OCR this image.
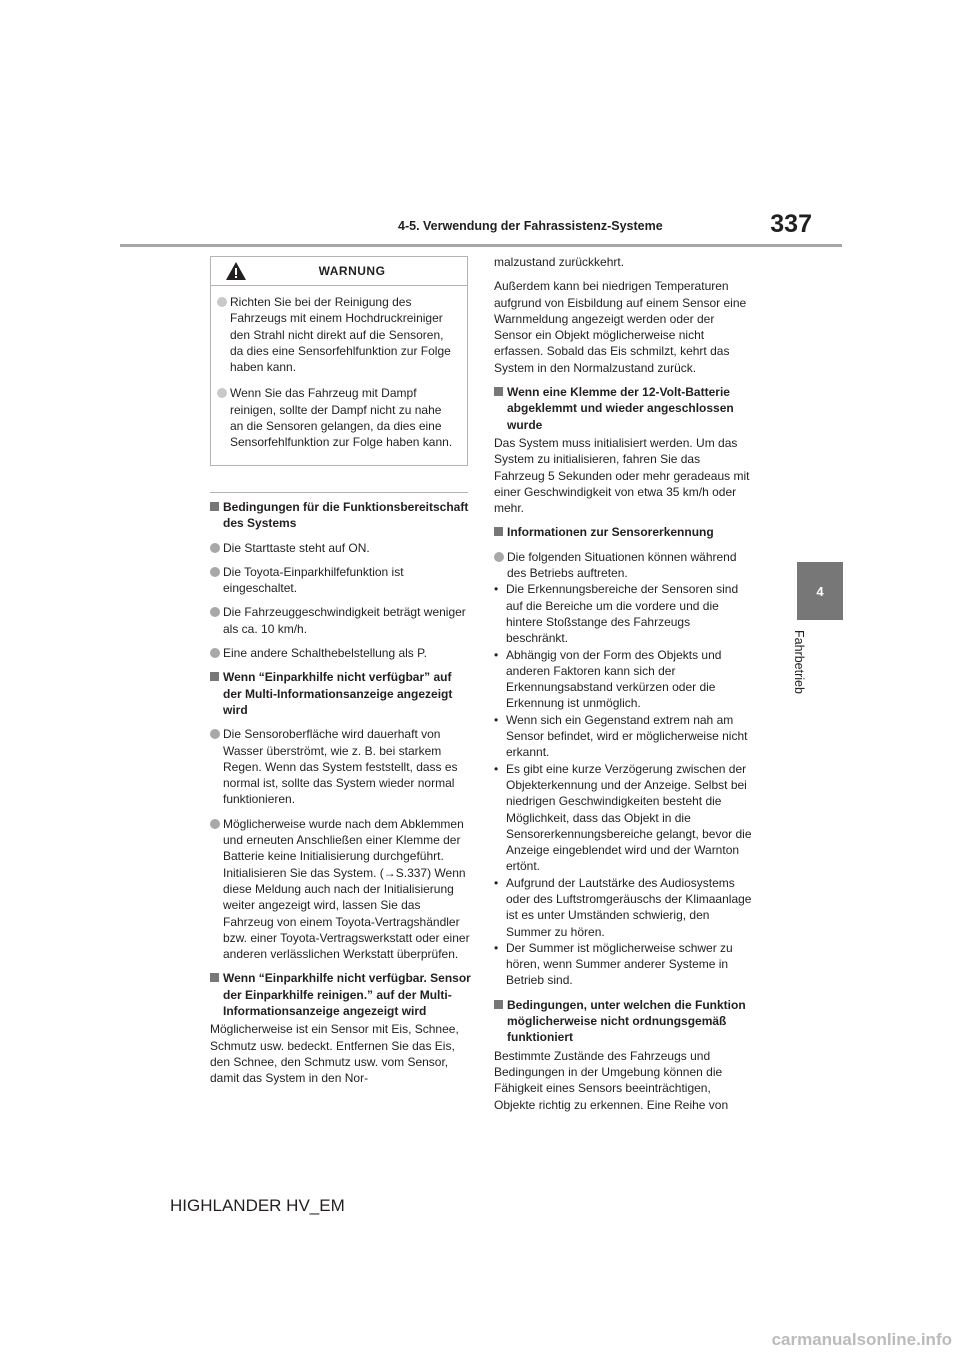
4-5. Verwendung der Fahrassistenz-Systeme	337
4
Fahrbetrieb
WARNUNG
Richten Sie bei der Reinigung des Fahrzeugs mit einem Hochdruckreiniger den Strahl nicht direkt auf die Sensoren, da dies eine Sensorfehlfunktion zur Folge haben kann.
Wenn Sie das Fahrzeug mit Dampf reinigen, sollte der Dampf nicht zu nahe an die Sensoren gelangen, da dies eine Sensorfehlfunktion zur Folge haben kann.
Bedingungen für die Funktionsbereitschaft des Systems
Die Starttaste steht auf ON.
Die Toyota-Einparkhilfefunktion ist eingeschaltet.
Die Fahrzeuggeschwindigkeit beträgt weniger als ca. 10 km/h.
Eine andere Schalthebelstellung als P.
Wenn “Einparkhilfe nicht verfügbar” auf der Multi-Informationsanzeige angezeigt wird
Die Sensoroberfläche wird dauerhaft von Wasser überströmt, wie z. B. bei starkem Regen. Wenn das System feststellt, dass es normal ist, sollte das System wieder normal funktionieren.
Möglicherweise wurde nach dem Abklemmen und erneuten Anschließen einer Klemme der Batterie keine Initialisierung durchgeführt. Initialisieren Sie das System. (→S.337) Wenn diese Meldung auch nach der Initialisierung weiter angezeigt wird, lassen Sie das Fahrzeug von einem Toyota-Vertragshändler bzw. einer Toyota-Vertragswerkstatt oder einer anderen verlässlichen Werkstatt überprüfen.
Wenn “Einparkhilfe nicht verfügbar. Sensor der Einparkhilfe reinigen.” auf der Multi-Informationsanzeige angezeigt wird

Möglicherweise ist ein Sensor mit Eis, Schnee, Schmutz usw. bedeckt. Entfernen Sie das Eis, den Schnee, den Schmutz usw. vom Sensor, damit das System in den Nor-

malzustand zurückkehrt.

Außerdem kann bei niedrigen Temperaturen aufgrund von Eisbildung auf einem Sensor eine Warnmeldung angezeigt werden oder der Sensor ein Objekt möglicherweise nicht erfassen. Sobald das Eis schmilzt, kehrt das System in den Normalzustand zurück.

Wenn eine Klemme der 12-Volt-Batterie abgeklemmt und wieder angeschlossen wurde

Das System muss initialisiert werden. Um das System zu initialisieren, fahren Sie das Fahrzeug 5 Sekunden oder mehr geradeaus mit einer Geschwindigkeit von etwa 35 km/h oder mehr.

Informationen zur Sensorerkennung
Die folgenden Situationen können während des Betriebs auftreten.
• Die Erkennungsbereiche der Sensoren sind auf die Bereiche um die vordere und die hintere Stoßstange des Fahrzeugs beschränkt.
• Abhängig von der Form des Objekts und anderen Faktoren kann sich der Erkennungsabstand verkürzen oder die Erkennung ist unmöglich.
• Wenn sich ein Gegenstand extrem nah am Sensor befindet, wird er möglicherweise nicht erkannt.
• Es gibt eine kurze Verzögerung zwischen der Objekterkennung und der Anzeige. Selbst bei niedrigen Geschwindigkeiten besteht die Möglichkeit, dass das Objekt in die Sensorerkennungsbereiche gelangt, bevor die Anzeige eingeblendet wird und der Warnton ertönt.
• Aufgrund der Lautstärke des Audiosystems oder des Luftstromgeräuschs der Klimaanlage ist es unter Umständen schwierig, den Summer zu hören.
• Der Summer ist möglicherweise schwer zu hören, wenn Summer anderer Systeme in Betrieb sind.
Bedingungen, unter welchen die Funktion möglicherweise nicht ordnungsgemäß funktioniert

Bestimmte Zustände des Fahrzeugs und Bedingungen in der Umgebung können die Fähigkeit eines Sensors beeinträchtigen, Objekte richtig zu erkennen. Eine Reihe von

HIGHLANDER HV_EM
carmanualsonline.info
